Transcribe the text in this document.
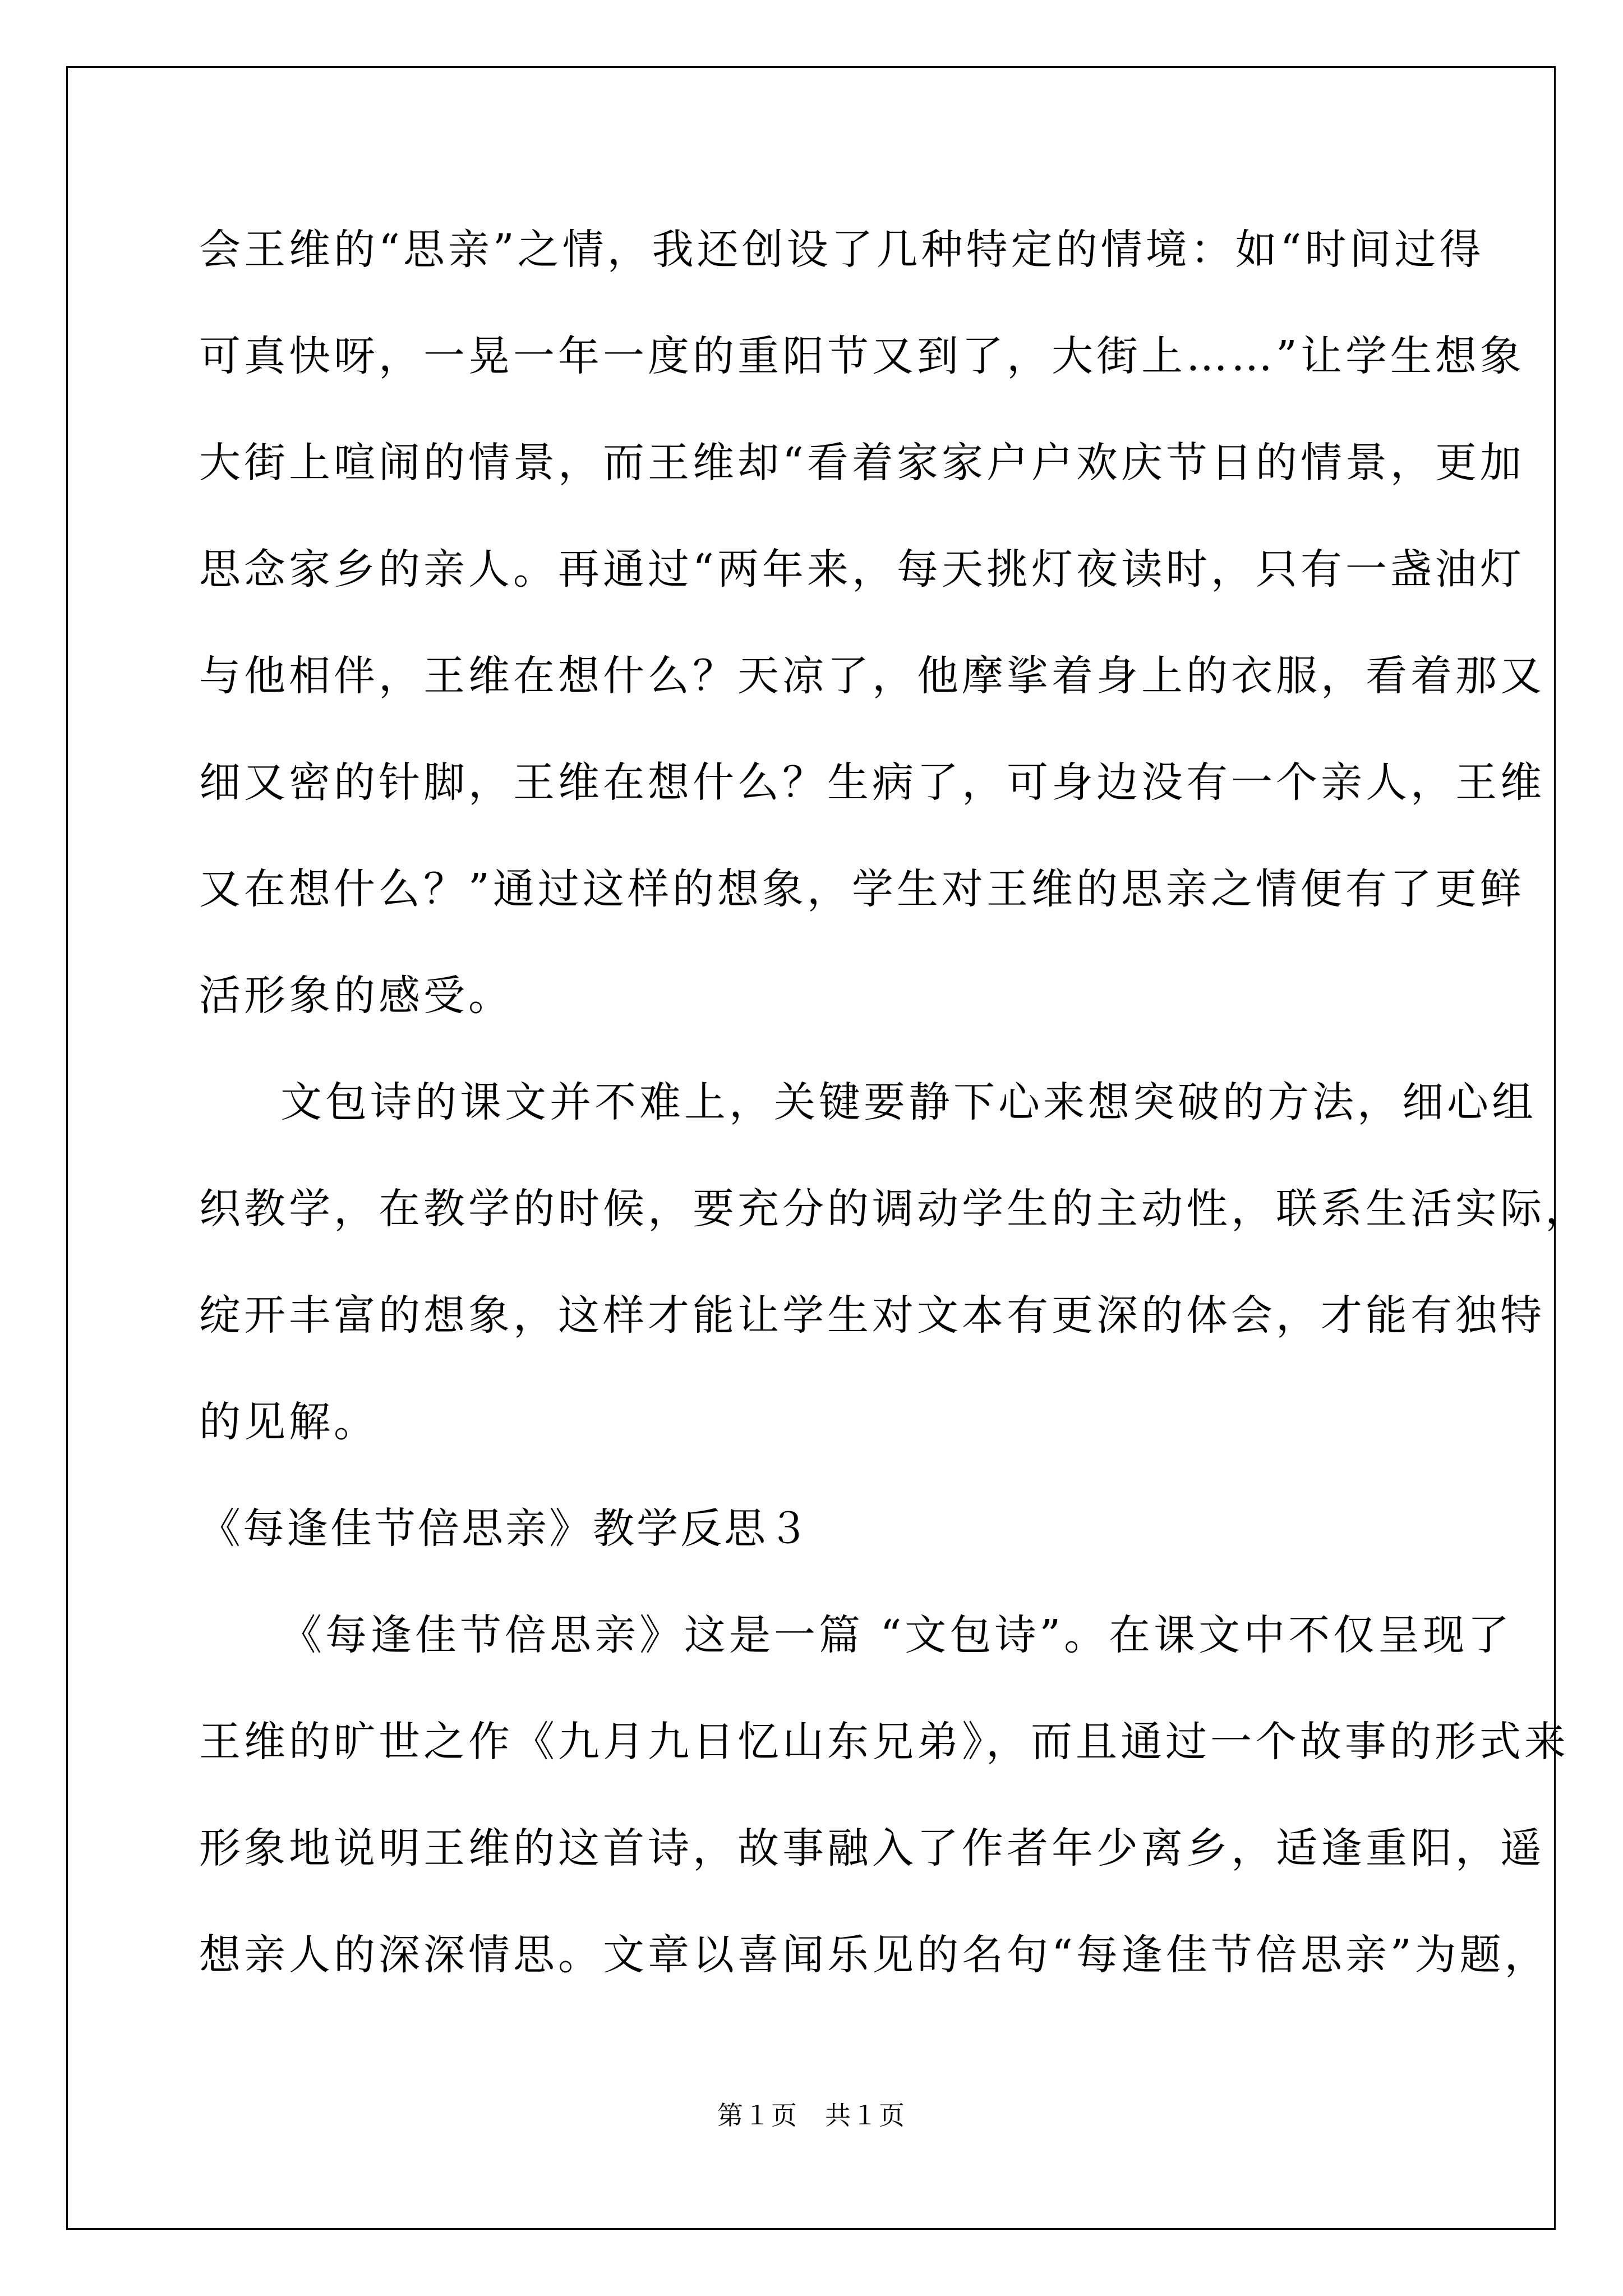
会王维的“思亲”之情，我还创设了几种特定的情境：如“时间过得
可真快呀，一晃一年一度的重阳节又到了，大街上……”让学生想象
大街上喧闹的情景，而王维却“看着家家户户欢庆节日的情景，更加
思念家乡的亲人。再通过“两年来，每天挑灯夜读时，只有一盏油灯
与他相伴，王维在想什么？天凉了，他摩挲着身上的衣服，看着那又
细又密的针脚，王维在想什么？生病了，可身边没有一个亲人，王维
又在想什么？”通过这样的想象，学生对王维的思亲之情便有了更鲜
活形象的感受。
文包诗的课文并不难上，关键要静下心来想突破的方法，细心组
织教学，在教学的时候，要充分的调动学生的主动性，联系生活实际，
绽开丰富的想象，这样才能让学生对文本有更深的体会，才能有独特
的见解。
《每逢佳节倍思亲》教学反思３
《每逢佳节倍思亲》这是一篇 “文包诗”。在课文中不仅呈现了
王维的旷世之作《九月九日忆山东兄弟》，而且通过一个故事的形式来
形象地说明王维的这首诗，故事融入了作者年少离乡，适逢重阳，遥
想亲人的深深情思。文章以喜闻乐见的名句“每逢佳节倍思亲”为题，
第１页　共１页
